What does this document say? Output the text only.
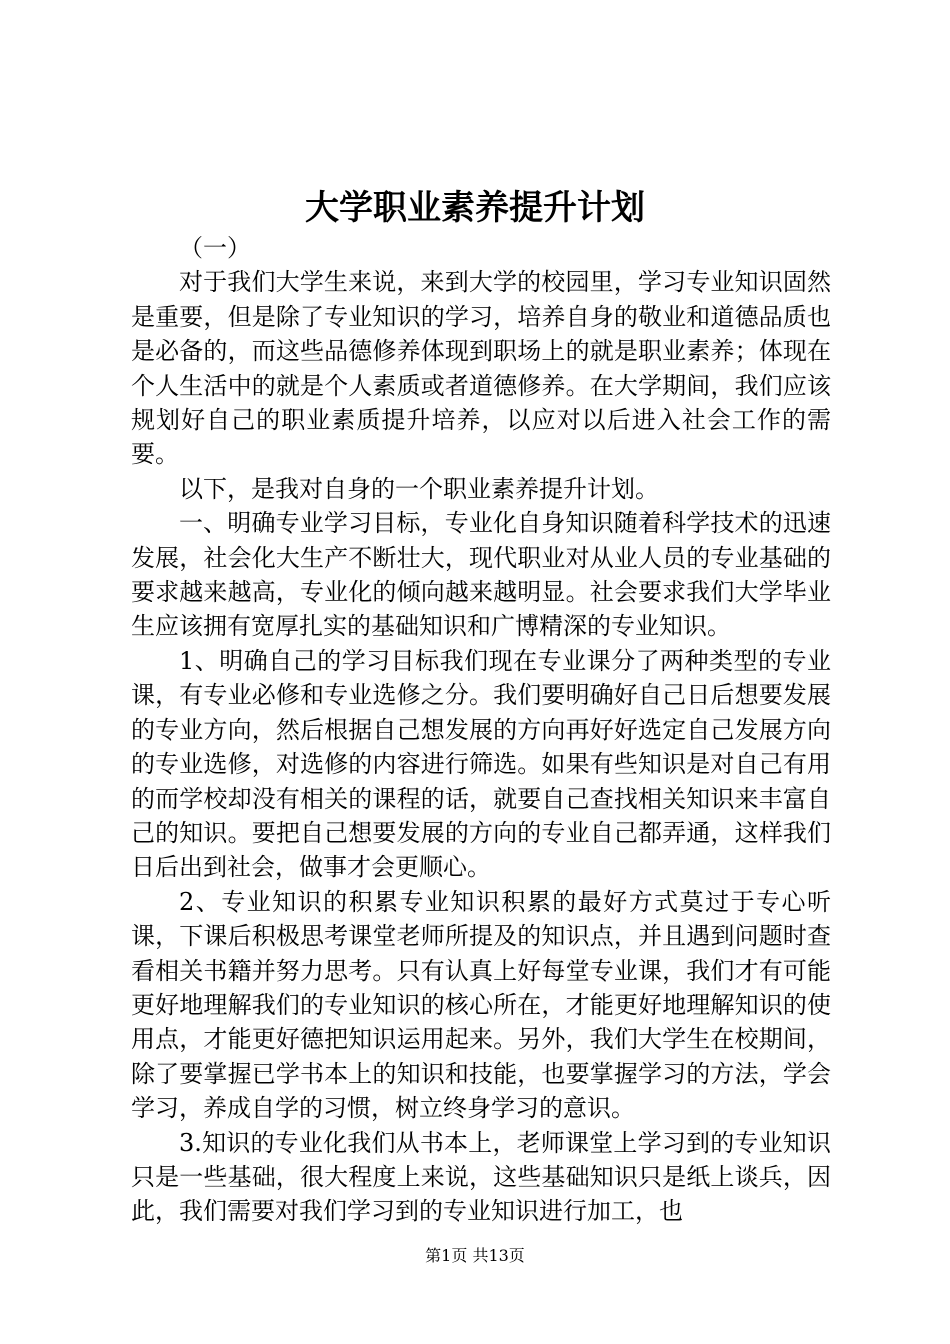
大学职业素养提升计划

（一）

对于我们大学生来说，来到大学的校园里，学习专业知识固然是重要，但是除了专业知识的学习，培养自身的敬业和道德品质也是必备的，而这些品德修养体现到职场上的就是职业素养；体现在个人生活中的就是个人素质或者道德修养。在大学期间，我们应该规划好自己的职业素质提升培养，以应对以后进入社会工作的需要。

以下，是我对自身的一个职业素养提升计划。

一、明确专业学习目标，专业化自身知识随着科学技术的迅速发展，社会化大生产不断壮大，现代职业对从业人员的专业基础的要求越来越高，专业化的倾向越来越明显。社会要求我们大学毕业生应该拥有宽厚扎实的基础知识和广博精深的专业知识。

1、明确自己的学习目标我们现在专业课分了两种类型的专业课，有专业必修和专业选修之分。我们要明确好自己日后想要发展的专业方向，然后根据自己想发展的方向再好好选定自己发展方向的专业选修，对选修的内容进行筛选。如果有些知识是对自己有用的而学校却没有相关的课程的话，就要自己查找相关知识来丰富自己的知识。要把自己想要发展的方向的专业自己都弄通，这样我们日后出到社会，做事才会更顺心。

2、专业知识的积累专业知识积累的最好方式莫过于专心听课，下课后积极思考课堂老师所提及的知识点，并且遇到问题时查看相关书籍并努力思考。只有认真上好每堂专业课，我们才有可能更好地理解我们的专业知识的核心所在，才能更好地理解知识的使用点，才能更好德把知识运用起来。另外，我们大学生在校期间，除了要掌握已学书本上的知识和技能，也要掌握学习的方法，学会学习，养成自学的习惯，树立终身学习的意识。

3.知识的专业化我们从书本上，老师课堂上学习到的专业知识只是一些基础，很大程度上来说，这些基础知识只是纸上谈兵，因此，我们需要对我们学习到的专业知识进行加工，也

第1页 共13页
